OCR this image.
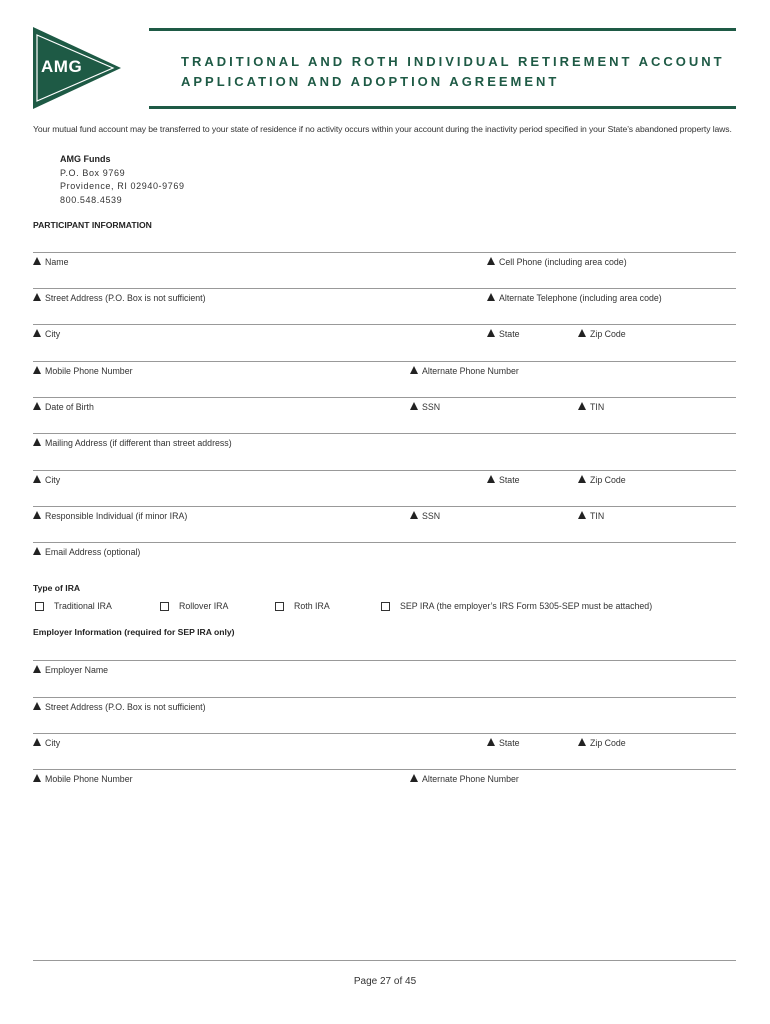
AMG	TRADITIONAL AND ROTH INDIVIDUAL RETIREMENT ACCOUNT
APPLICATION AND ADOPTION AGREEMENT
Your mutual fund account may be transferred to your state of residence if no activity occurs within your account during the inactivity period specified in your State’s abandoned property laws.
AMG Funds
P.O. Box 9769
Providence, RI 02940-9769
800.548.4539
PARTICIPANT INFORMATION
Name	Cell Phone (including area code)
Street Address (P.O. Box is not sufficient)	Alternate Telephone (including area code)
City	State	Zip Code
Mobile Phone Number	Alternate Phone Number
Date of Birth	SSN	TIN
Mailing Address (if different than street address)
City	State	Zip Code
Responsible Individual (if minor IRA)	SSN	TIN
Email Address (optional)
Type of IRA
Traditional IRA	Rollover IRA	Roth IRA	SEP IRA (the employer’s IRS Form 5305-SEP must be attached)
Employer Information (required for SEP IRA only)
Employer Name
Street Address (P.O. Box is not sufficient)
City	State	Zip Code
Mobile Phone Number	Alternate Phone Number
Page 27 of 45
